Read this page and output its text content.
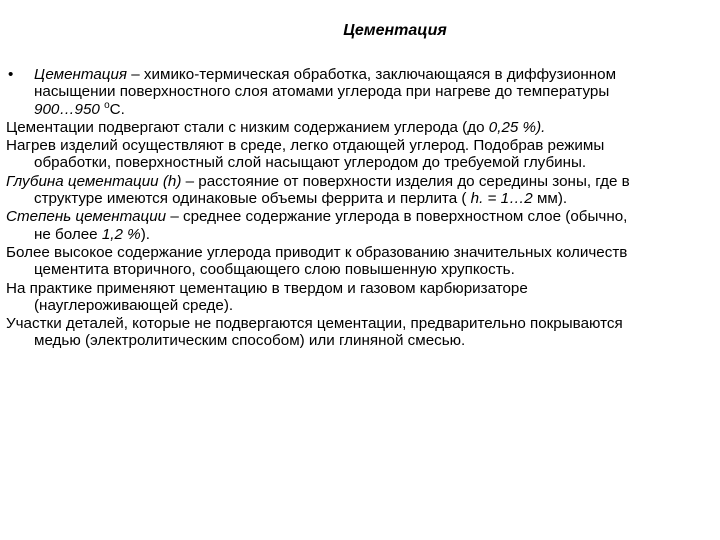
Цементация
• Цементация – химико-термическая обработка, заключающаяся в диффузионном насыщении поверхностного слоя атомами углерода при нагреве до температуры 900…950 $^о$С.
Цементации подвергают стали с низким содержанием углерода (до 0,25 %).
Нагрев изделий осуществляют в среде, легко отдающей углерод. Подобрав режимы обработки, поверхностный слой насыщают углеродом до требуемой глубины.
Глубина цементации (h) – расстояние от поверхности изделия до середины зоны, где в структуре имеются одинаковые объемы феррита и перлита ( h. = 1…2 мм).
Степень цементации – среднее содержание углерода в поверхностном слое (обычно, не более 1,2 %).
Более высокое содержание углерода приводит к образованию значительных количеств цементита вторичного, сообщающего слою повышенную хрупкость.
На практике применяют цементацию в твердом и газовом карбюризаторе (науглероживающей среде).
Участки деталей, которые не подвергаются цементации, предварительно покрываются медью (электролитическим способом) или глиняной смесью.
